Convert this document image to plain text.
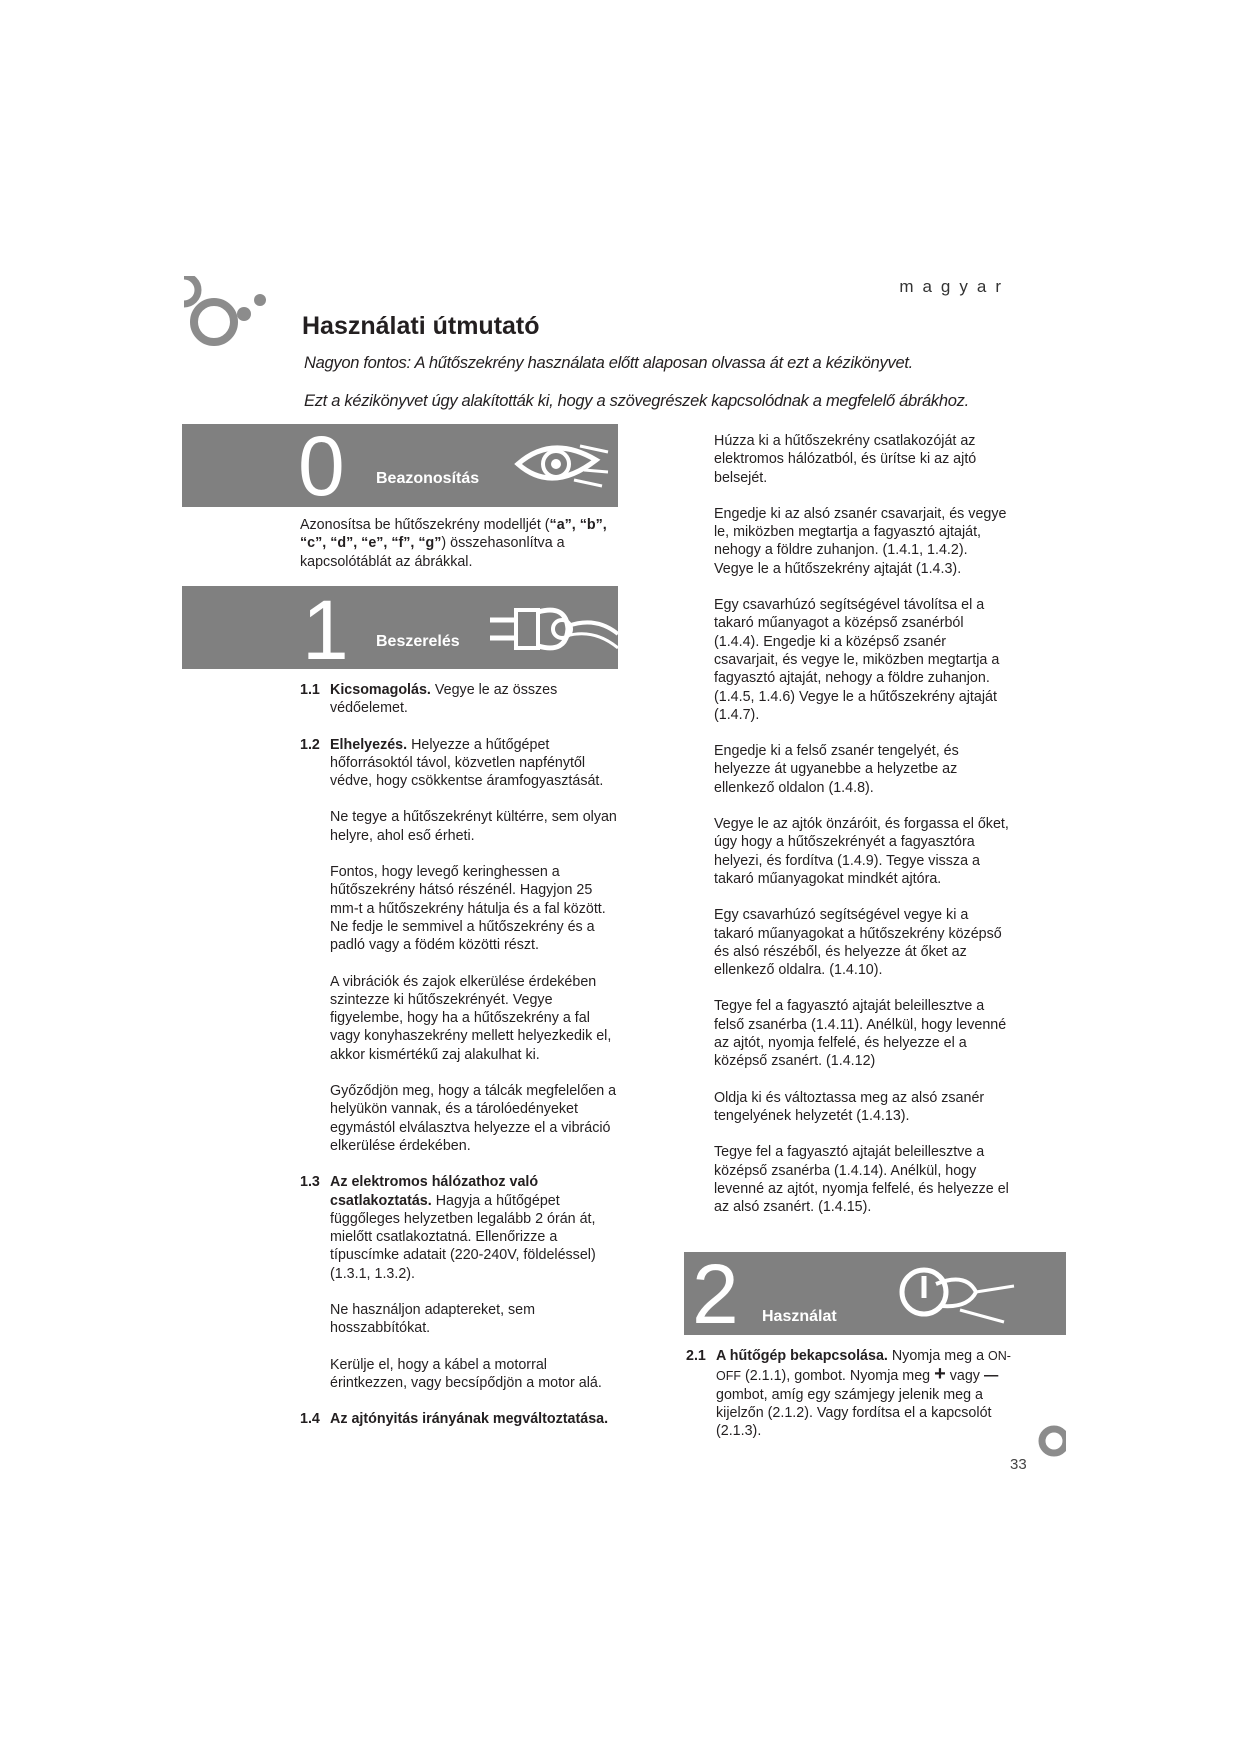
magyar
Használati útmutató
Nagyon fontos: A hűtőszekrény használata előtt alaposan olvassa át ezt a kézikönyvet.
Ezt a kézikönyvet úgy alakították ki, hogy a szövegrészek kapcsolódnak a megfelelő ábrákhoz.
0 Beazonosítás
Azonosítsa be hűtőszekrény modelljét (“a”, “b”, “c”, “d”, “e”, “f”, “g”) összehasonlítva a kapcsolótáblát az ábrákkal.
1 Beszerelés
1.1 Kicsomagolás. Vegye le az összes védőelemet.
1.2 Elhelyezés. Helyezze a hűtőgépet hőforrásoktól távol, közvetlen napfénytől védve, hogy csökkentse áramfogyasztását.
Ne tegye a hűtőszekrényt kültérre, sem olyan helyre, ahol eső érheti.
Fontos, hogy levegő keringhessen a hűtőszekrény hátsó részénél. Hagyjon 25 mm-t a hűtőszekrény hátulja és a fal között. Ne fedje le semmivel a hűtőszekrény és a padló vagy a födém közötti részt.
A vibrációk és zajok elkerülése érdekében szintezze ki hűtőszekrényét. Vegye figyelembe, hogy ha a hűtőszekrény a fal vagy konyhaszekrény mellett helyezkedik el, akkor kismértékű zaj alakulhat ki.
Győződjön meg, hogy a tálcák megfelelően a helyükön vannak, és a tárolóedényeket egymástól elválasztva helyezze el a vibráció elkerülése érdekében.
1.3 Az elektromos hálózathoz való csatlakoztatás. Hagyja a hűtőgépet függőleges helyzetben legalább 2 órán át, mielőtt csatlakoztatná. Ellenőrizze a típuscímke adatait (220-240V, földeléssel) (1.3.1, 1.3.2).
Ne használjon adaptereket, sem hosszabbítókat.
Kerülje el, hogy a kábel a motorral érintkezzen, vagy becsípődjön a motor alá.
1.4 Az ajtónyitás irányának megváltoztatása.
Húzza ki a hűtőszekrény csatlakozóját az elektromos hálózatból, és ürítse ki az ajtó belsejét.
Engedje ki az alsó zsanér csavarjait, és vegye le, miközben megtartja a fagyasztó ajtaját, nehogy a földre zuhanjon. (1.4.1, 1.4.2). Vegye le a hűtőszekrény ajtaját (1.4.3).
Egy csavarhúzó segítségével távolítsa el a takaró műanyagot a középső zsanérból (1.4.4). Engedje ki a középső zsanér csavarjait, és vegye le, miközben megtartja a fagyasztó ajtaját, nehogy a földre zuhanjon. (1.4.5, 1.4.6) Vegye le a hűtőszekrény ajtaját (1.4.7).
Engedje ki a felső zsanér tengelyét, és helyezze át ugyanebbe a helyzetbe az ellenkező oldalon (1.4.8).
Vegye le az ajtók önzáróit, és forgassa el őket, úgy hogy a hűtőszekrényét a fagyasztóra helyezi, és fordítva (1.4.9). Tegye vissza a takaró műanyagokat mindkét ajtóra.
Egy csavarhúzó segítségével vegye ki a takaró műanyagokat a hűtőszekrény középső és alsó részéből, és helyezze át őket az ellenkező oldalra. (1.4.10).
Tegye fel a fagyasztó ajtaját beleillesztve a felső zsanérba (1.4.11). Anélkül, hogy levenné az ajtót, nyomja felfelé, és helyezze el a középső zsanért. (1.4.12)
Oldja ki és változtassa meg az alsó zsanér tengelyének helyzetét (1.4.13).
Tegye fel a fagyasztó ajtaját beleillesztve a középső zsanérba (1.4.14). Anélkül, hogy levenné az ajtót, nyomja felfelé, és helyezze el az alsó zsanért. (1.4.15).
2 Használat
2.1 A hűtőgép bekapcsolása. Nyomja meg a ON-OFF (2.1.1), gombot. Nyomja meg + vagy — gombot, amíg egy számjegy jelenik meg a kijelzőn (2.1.2). Vagy fordítsa el a kapcsolót (2.1.3).
33
